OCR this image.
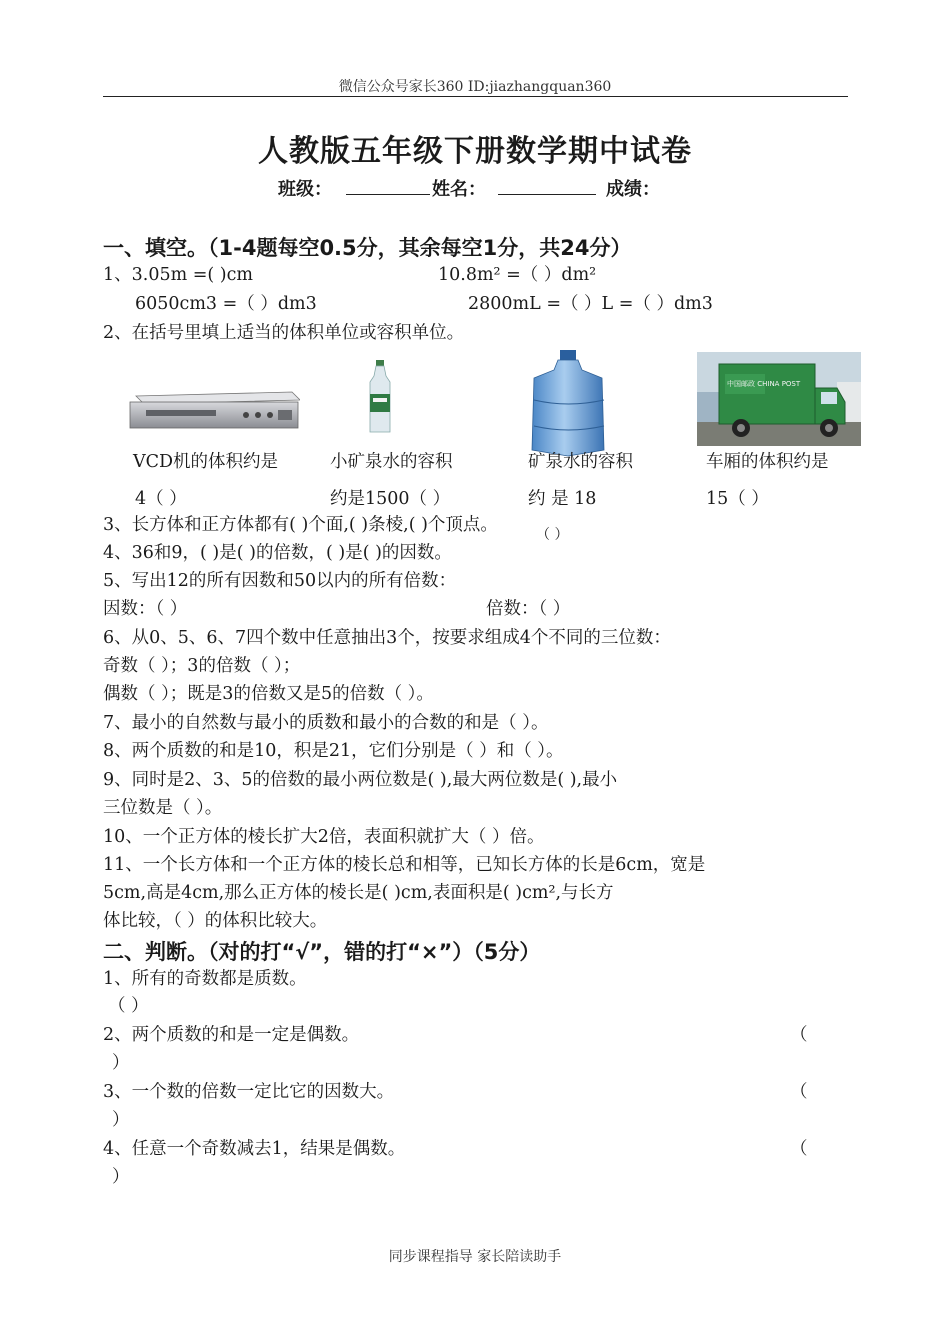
微信公众号家长360 ID:jiazhangquan360
人教版五年级下册数学期中试卷
班级：	姓名：	成绩：
一、填空。（1-4题每空0.5分，其余每空1分，共24分）
1、3.05m =( )cm	10.8m² =（ ）dm²
6050cm3 =（ ）dm3	2800mL =（ ）L =（ ）dm3
2、在括号里填上适当的体积单位或容积单位。
中国邮政 CHINA POST
VCD机的体积约是
4（ ）
小矿泉水的容积
约是1500（ ）
矿泉水的容积
约 是 18
（ ）
车厢的体积约是
15（ ）
3、长方体和正方体都有( )个面,( )条棱,( )个顶点。
4、36和9，( )是( )的倍数，( )是( )的因数。
5、写出12的所有因数和50以内的所有倍数：
因数：（ ）	倍数：（ ）
6、从0、5、6、7四个数中任意抽出3个，按要求组成4个不同的三位数：
奇数（ ）；3的倍数（ ）；
偶数（ ）；既是3的倍数又是5的倍数（ ）。
7、最小的自然数与最小的质数和最小的合数的和是（ ）。
8、两个质数的和是10，积是21，它们分别是（ ）和（ ）。
9、同时是2、3、5的倍数的最小两位数是( ),最大两位数是( ),最小
三位数是（ ）。
10、一个正方体的棱长扩大2倍，表面积就扩大（ ）倍。
11、一个长方体和一个正方体的棱长总和相等，已知长方体的长是6cm，宽是
5cm,高是4cm,那么正方体的棱长是( )cm,表面积是( )cm²,与长方
体比较，（ ）的体积比较大。
二、判断。（对的打“√”，错的打“×”）（5分）
1、所有的奇数都是质数。
（ ）
2、两个质数的和是一定是偶数。	（
）
3、一个数的倍数一定比它的因数大。	（
）
4、任意一个奇数减去1，结果是偶数。	（
）
同步课程指导 家长陪读助手
